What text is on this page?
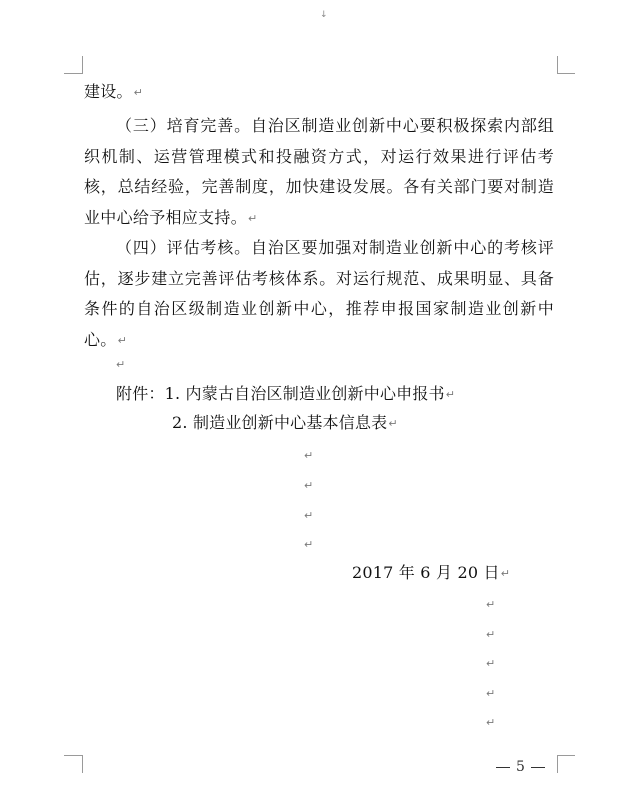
↓
建设。↵
（三）培育完善。自治区制造业创新中心要积极探索内部组织机制、运营管理模式和投融资方式，对运行效果进行评估考核，总结经验，完善制度，加快建设发展。各有关部门要对制造业中心给予相应支持。↵
（四）评估考核。自治区要加强对制造业创新中心的考核评估，逐步建立完善评估考核体系。对运行规范、成果明显、具备条件的自治区级制造业创新中心，推荐申报国家制造业创新中心。↵
↵
附件：1. 内蒙古自治区制造业创新中心申报书↵
2. 制造业创新中心基本信息表↵
↵
↵
↵
↵
2017 年 6 月 20 日↵
↵
↵
↵
↵
↵
5
